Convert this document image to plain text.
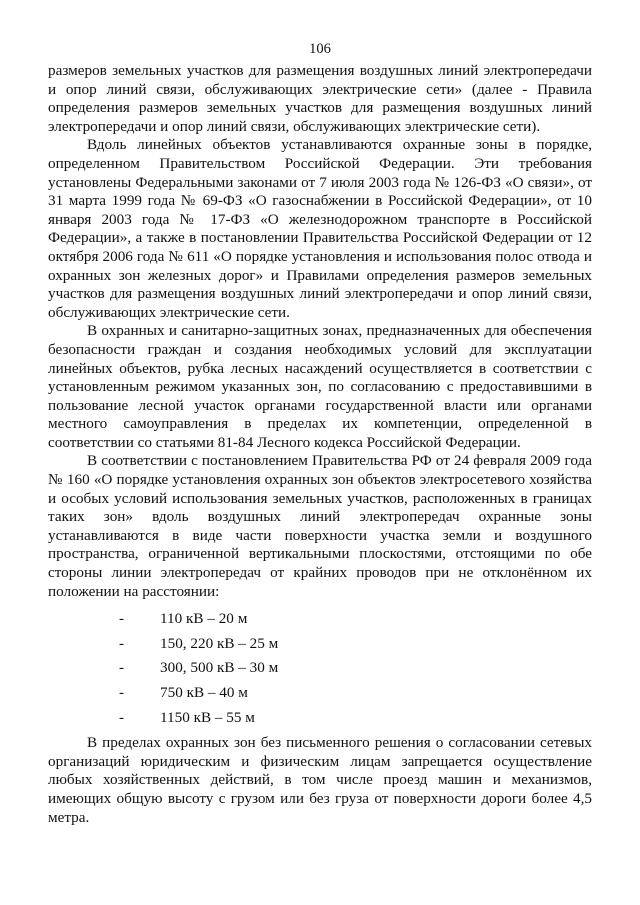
106

размеров земельных участков для размещения воздушных линий электропередачи и опор линий связи, обслуживающих электрические сети» (далее - Правила определения размеров земельных участков для размещения воздушных линий электропередачи и опор линий связи, обслуживающих электрические сети).

Вдоль линейных объектов устанавливаются охранные зоны в порядке, определенном Правительством Российской Федерации. Эти требования установлены Федеральными законами от 7 июля 2003 года № 126-ФЗ «О связи», от 31 марта 1999 года № 69-ФЗ «О газоснабжении в Российской Федерации», от 10 января 2003 года № 17-ФЗ «О железнодорожном транспорте в Российской Федерации», а также в постановлении Правительства Российской Федерации от 12 октября 2006 года № 611 «О порядке установления и использования полос отвода и охранных зон железных дорог» и Правилами определения размеров земельных участков для размещения воздушных линий электропередачи и опор линий связи, обслуживающих электрические сети.

В охранных и санитарно-защитных зонах, предназначенных для обеспечения безопасности граждан и создания необходимых условий для эксплуатации линейных объектов, рубка лесных насаждений осуществляется в соответствии с установленным режимом указанных зон, по согласованию с предоставившими в пользование лесной участок органами государственной власти или органами местного самоуправления в пределах их компетенции, определенной в соответствии со статьями 81-84 Лесного кодекса Российской Федерации.

В соответствии с постановлением Правительства РФ от 24 февраля 2009 года № 160 «О порядке установления охранных зон объектов электросетевого хозяйства и особых условий использования земельных участков, расположенных в границах таких зон» вдоль воздушных линий электропередач охранные зоны устанавливаются в виде части поверхности участка земли и воздушного пространства, ограниченной вертикальными плоскостями, отстоящими по обе стороны линии электропередач от крайних проводов при не отклонённом их положении на расстоянии:

- 110 кВ – 20 м
- 150, 220 кВ – 25 м
- 300, 500 кВ – 30 м
- 750 кВ – 40 м
- 1150 кВ – 55 м

В пределах охранных зон без письменного решения о согласовании сетевых организаций юридическим и физическим лицам запрещается осуществление любых хозяйственных действий, в том числе проезд машин и механизмов, имеющих общую высоту с грузом или без груза от поверхности дороги более 4,5 метра.
